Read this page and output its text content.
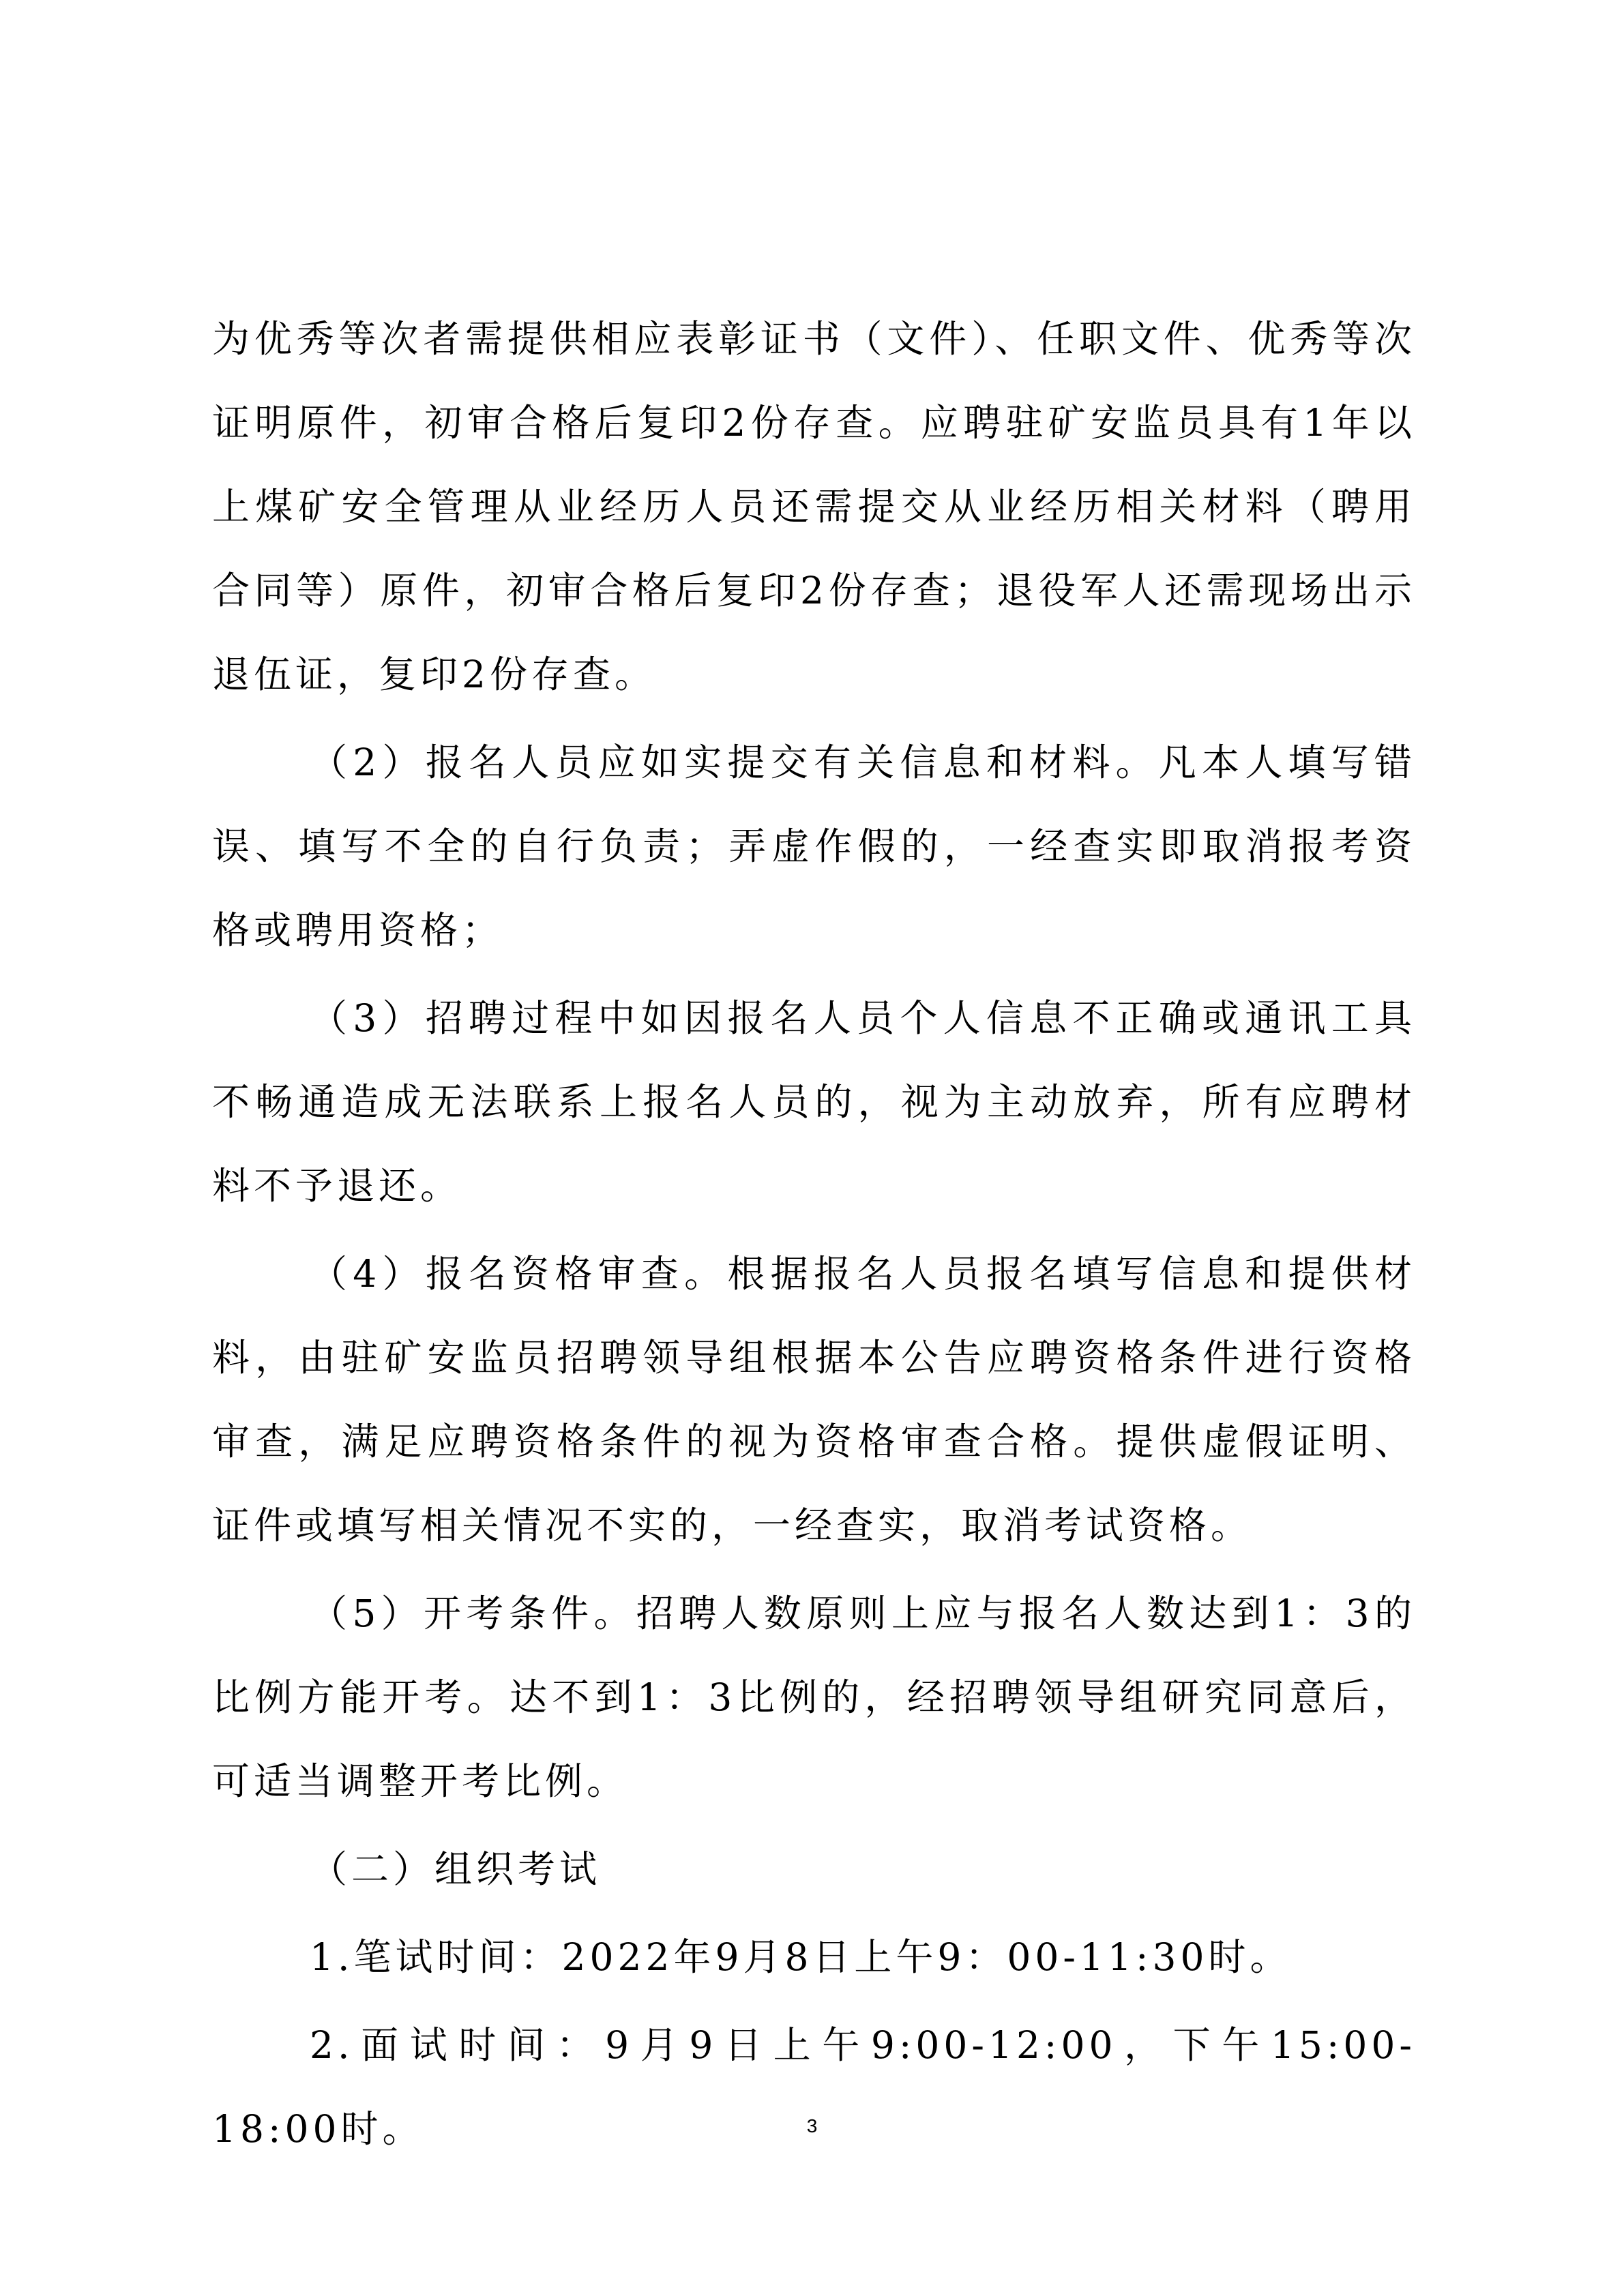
为优秀等次者需提供相应表彰证书（文件）、任职文件、优秀等次证明原件，初审合格后复印2份存查。应聘驻矿安监员具有1年以上煤矿安全管理从业经历人员还需提交从业经历相关材料（聘用合同等）原件，初审合格后复印2份存查；退役军人还需现场出示退伍证，复印2份存查。

（2）报名人员应如实提交有关信息和材料。凡本人填写错误、填写不全的自行负责；弄虚作假的，一经查实即取消报考资格或聘用资格；

（3）招聘过程中如因报名人员个人信息不正确或通讯工具不畅通造成无法联系上报名人员的，视为主动放弃，所有应聘材料不予退还。

（4）报名资格审查。根据报名人员报名填写信息和提供材料，由驻矿安监员招聘领导组根据本公告应聘资格条件进行资格审查，满足应聘资格条件的视为资格审查合格。提供虚假证明、证件或填写相关情况不实的，一经查实，取消考试资格。

（5）开考条件。招聘人数原则上应与报名人数达到1：3的比例方能开考。达不到1：3比例的，经招聘领导组研究同意后，可适当调整开考比例。

（二）组织考试

1.笔试时间：2022年9月8日上午9：00-11:30时。

2.面试时间：9月9日上午9:00-12:00，下午15:00-18:00时。	3
